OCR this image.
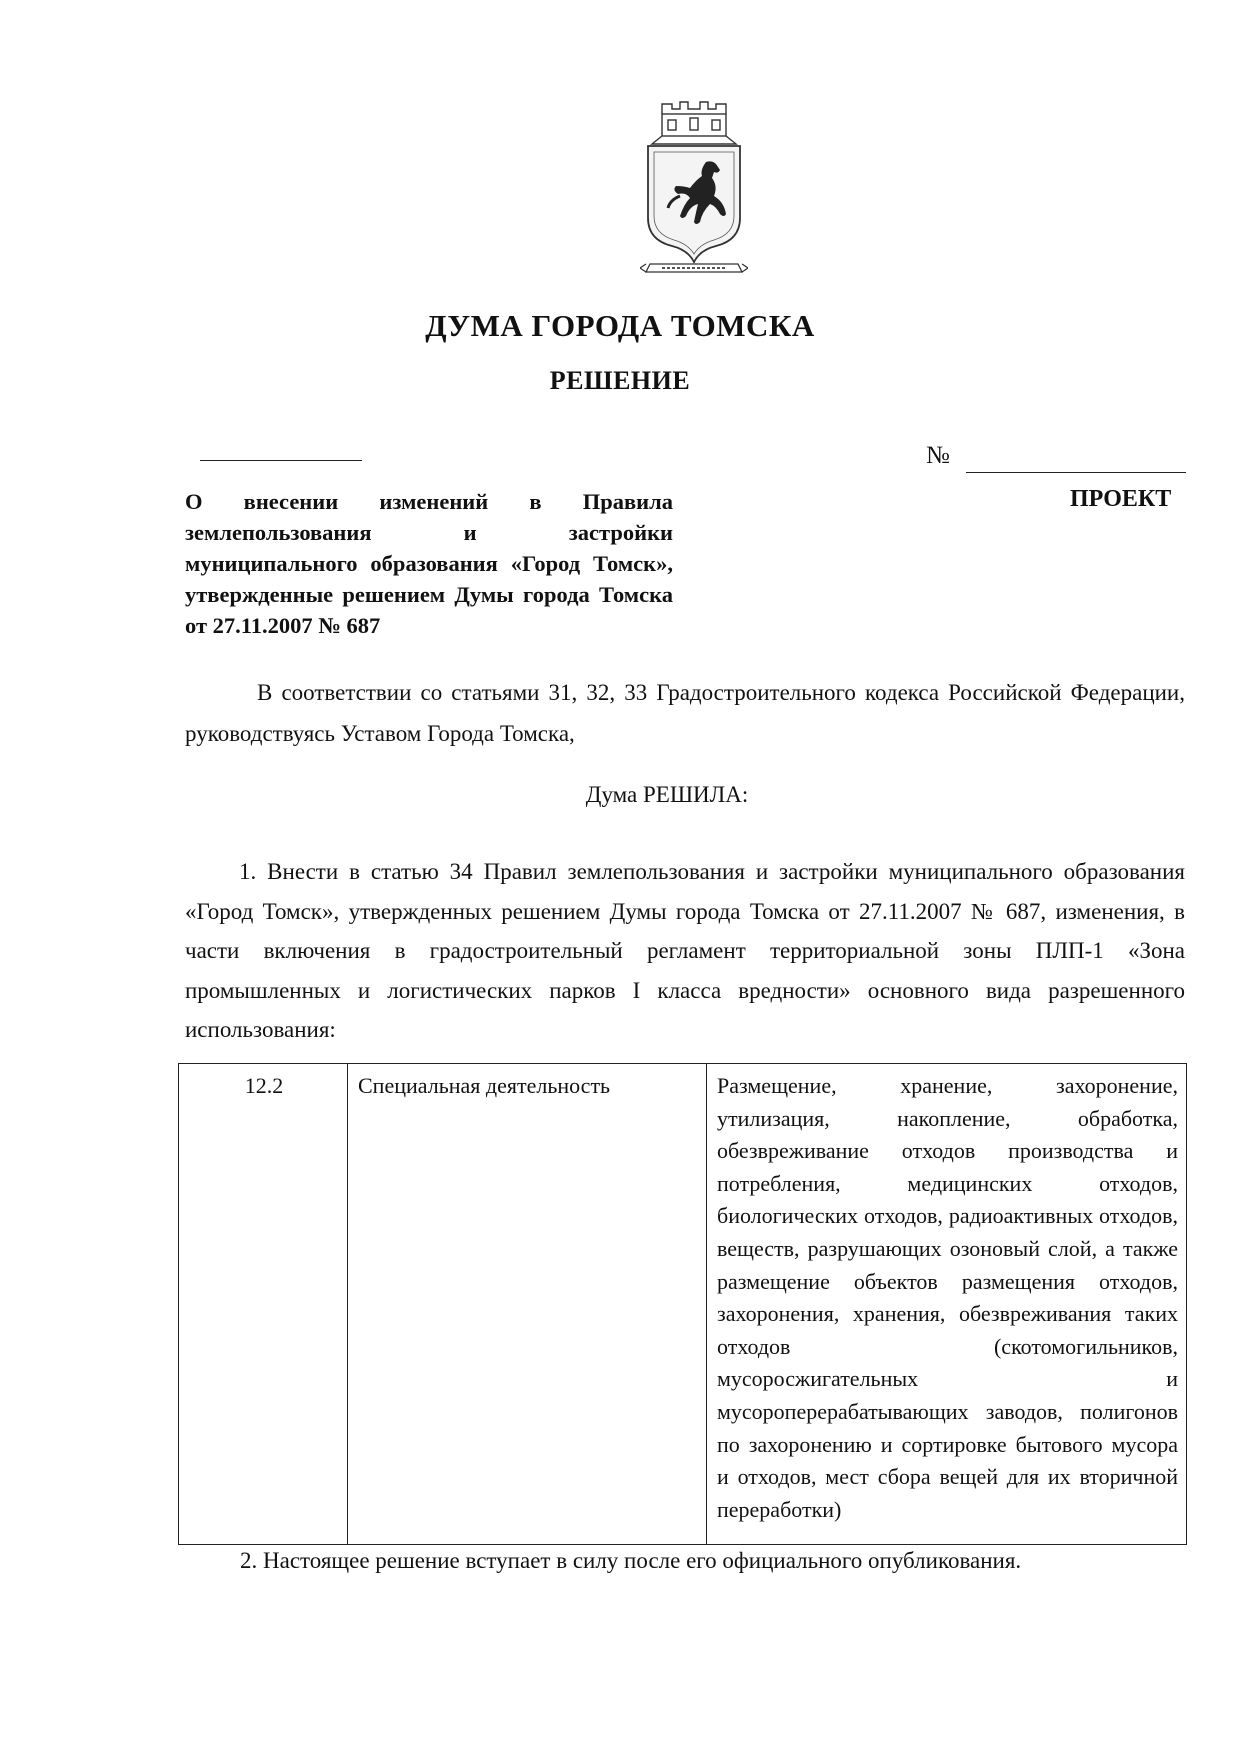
ДУМА ГОРОДА ТОМСКА
РЕШЕНИЕ
№
О внесении изменений в Правила землепользования и застройки муниципального образования «Город Томск», утвержденные решением Думы города Томска от 27.11.2007 № 687
ПРОЕКТ
В соответствии со статьями 31, 32, 33 Градостроительного кодекса Российской Федерации, руководствуясь Уставом Города Томска,
Дума РЕШИЛА:
1. Внести в статью 34 Правил землепользования и застройки муниципального образования «Город Томск», утвержденных решением Думы города Томска от 27.11.2007 № 687, изменения, в части включения в градостроительный регламент территориальной зоны ПЛП-1 «Зона промышленных и логистических парков I класса вредности» основного вида разрешенного использования:
12.2	Специальная деятельность	Размещение, хранение, захоронение, утилизация, накопление, обработка, обезвреживание отходов производства и потребления, медицинских отходов, биологических отходов, радиоактивных отходов, веществ, разрушающих озоновый слой, а также размещение объектов размещения отходов, захоронения, хранения, обезвреживания таких отходов (скотомогильников, мусоросжигательных и мусороперерабатывающих заводов, полигонов по захоронению и сортировке бытового мусора и отходов, мест сбора вещей для их вторичной переработки)
2. Настоящее решение вступает в силу после его официального опубликования.
